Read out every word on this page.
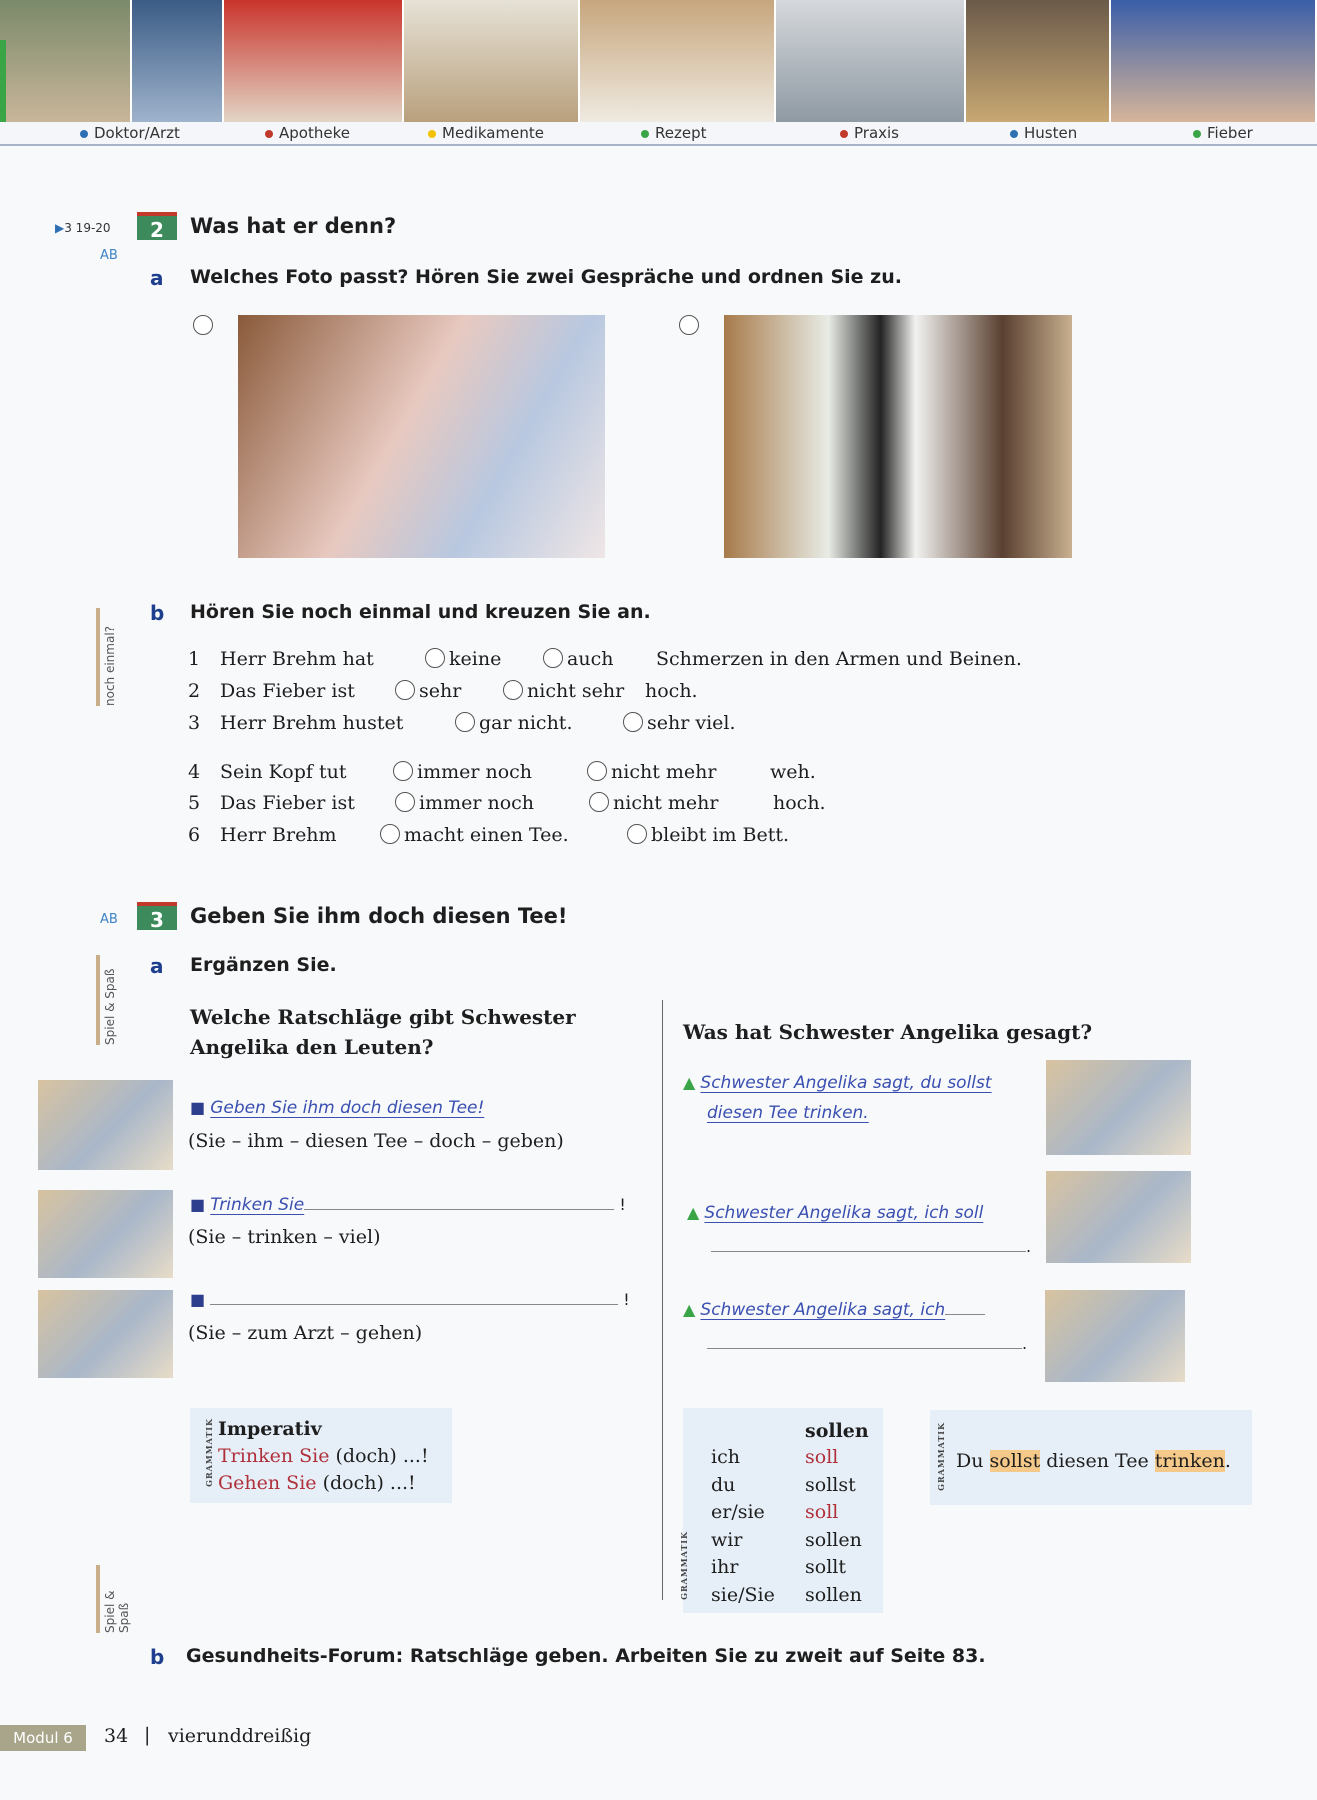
Doktor/Arzt	Apotheke	Medikamente	Rezept	Praxis	Husten	Fieber
▶3 19-20
AB
2	Was hat er denn?
a Welches Foto passt? Hören Sie zwei Gespräche und ordnen Sie zu.
noch einmal?
b Hören Sie noch einmal und kreuzen Sie an.
1 Herr Brehm hat	keine	auch Schmerzen in den Armen und Beinen.
2 Das Fieber ist	sehr	nicht sehr hoch.
3 Herr Brehm hustet	gar nicht.	sehr viel.
4 Sein Kopf tut	immer noch	nicht mehr	weh.
5 Das Fieber ist	immer noch	nicht mehr	hoch.
6 Herr Brehm	macht einen Tee.	bleibt im Bett.
AB	3	Geben Sie ihm doch diesen Tee!
Spiel & Spaß
a Ergänzen Sie.
Welche Ratschläge gibt Schwester
Angelika den Leuten?
■ Geben Sie ihm doch diesen Tee!
(Sie – ihm – diesen Tee – doch – geben)
■ Trinken Sie	!
(Sie – trinken – viel)
■	!
(Sie – zum Arzt – gehen)
Was hat Schwester Angelika gesagt?
▲ Schwester Angelika sagt, du sollst
diesen Tee trinken.
▲ Schwester Angelika sagt, ich soll
.
▲ Schwester Angelika sagt, ich
.
GRAMMATIK Imperativ
Trinken Sie (doch) ...!
Gehen Sie (doch) ...!
GRAMMATIK
sollen
ich	soll
du	sollst
er/sie soll
wir	sollen
ihr	sollt
sie/Sie sollen
GRAMMATIK Du sollst diesen Tee trinken.
Spiel & Spaß
b Gesundheits-Forum: Ratschläge geben. Arbeiten Sie zu zweit auf Seite 83.
Modul 6	34 | vierunddreißig
